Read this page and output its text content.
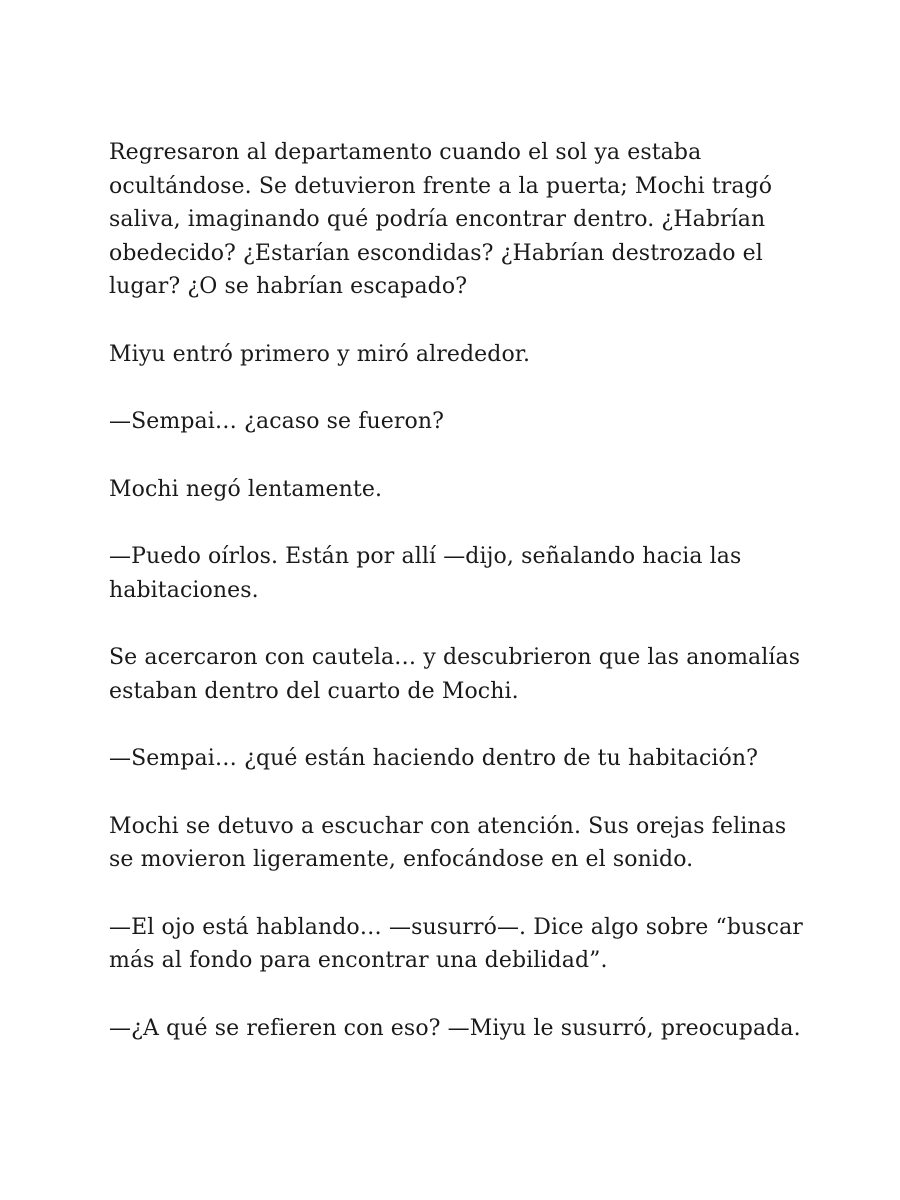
Regresaron al departamento cuando el sol ya estaba ocultándose. Se detuvieron frente a la puerta; Mochi tragó saliva, imaginando qué podría encontrar dentro. ¿Habrían obedecido? ¿Estarían escondidas? ¿Habrían destrozado el lugar? ¿O se habrían escapado?

Miyu entró primero y miró alrededor.

—Sempai… ¿acaso se fueron?

Mochi negó lentamente.

—Puedo oírlos. Están por allí —dijo, señalando hacia las habitaciones.

Se acercaron con cautela… y descubrieron que las anomalías estaban dentro del cuarto de Mochi.

—Sempai… ¿qué están haciendo dentro de tu habitación?

Mochi se detuvo a escuchar con atención. Sus orejas felinas se movieron ligeramente, enfocándose en el sonido.

—El ojo está hablando… —susurró—. Dice algo sobre “buscar más al fondo para encontrar una debilidad”.

—¿A qué se refieren con eso? —Miyu le susurró, preocupada.
